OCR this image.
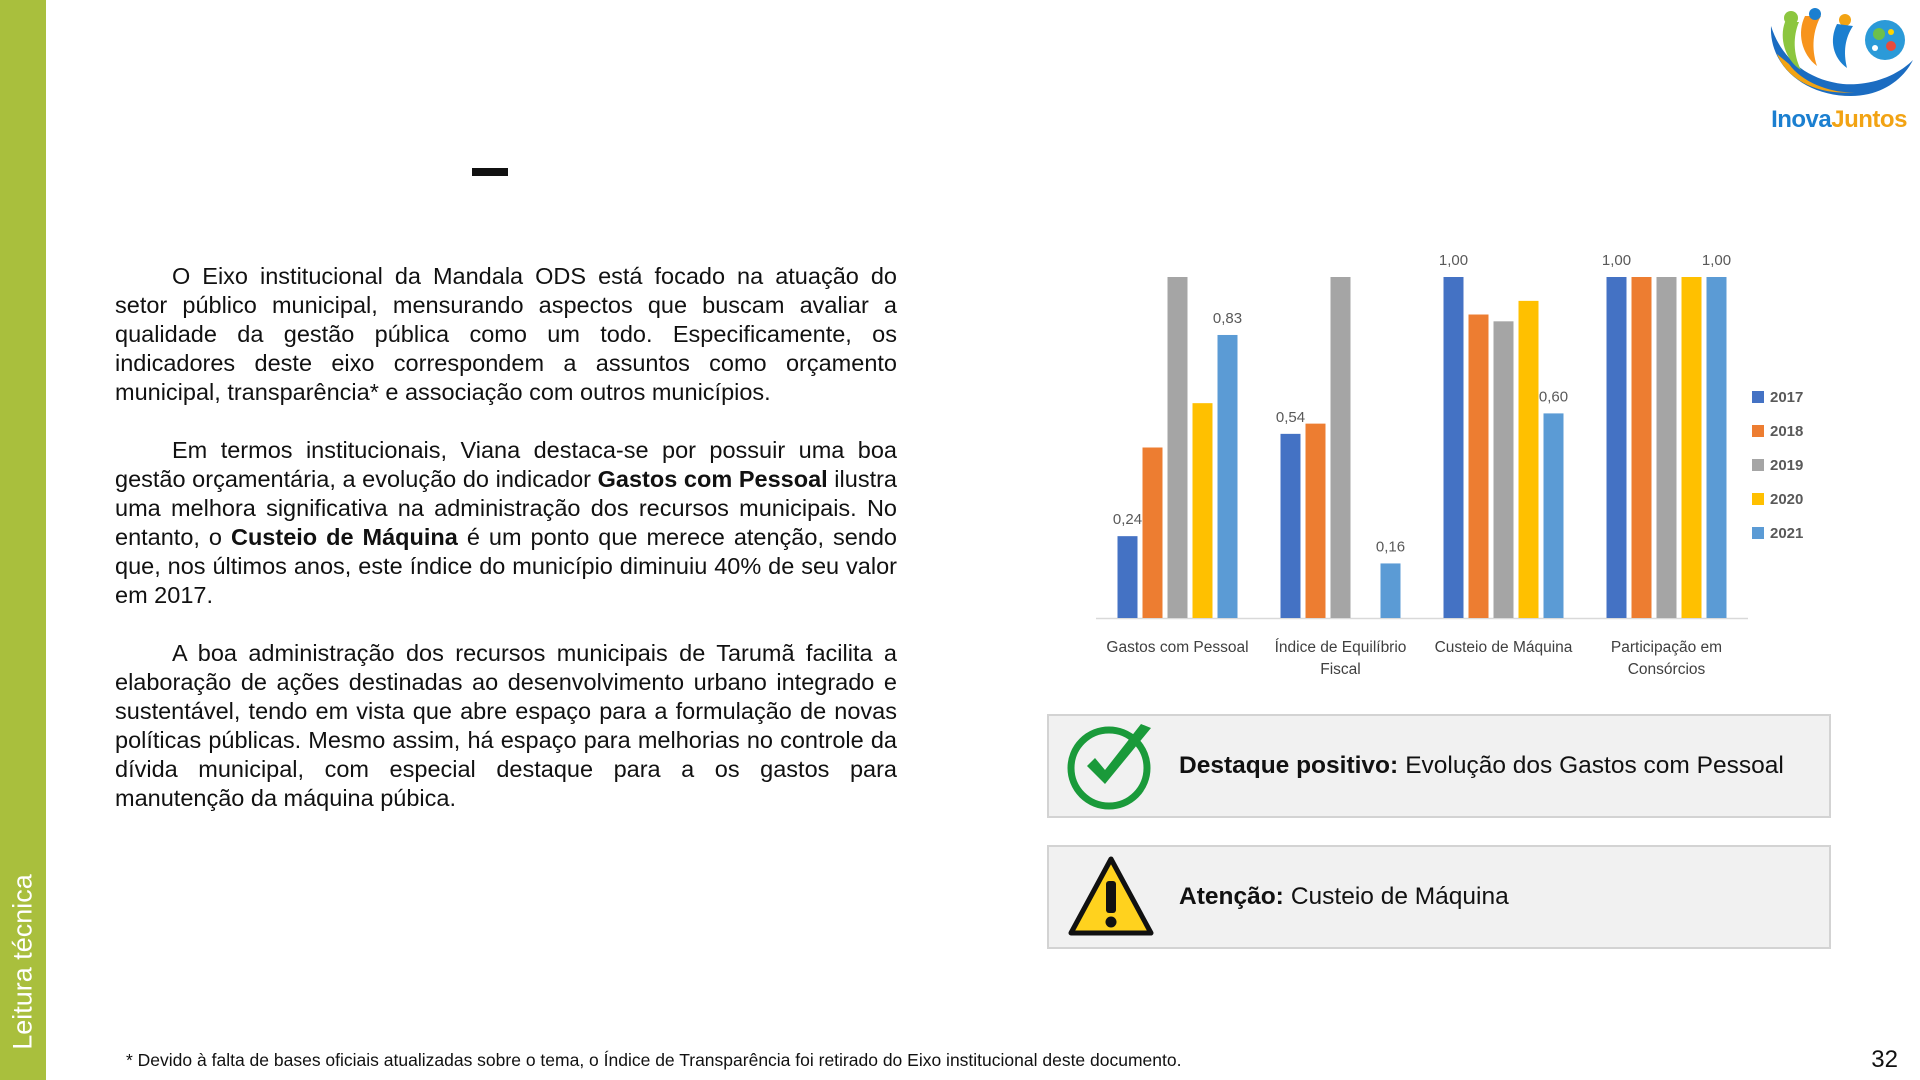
Leitura técnica
InovaJuntos

O Eixo institucional da Mandala ODS está focado na atuação do setor público municipal, mensurando aspectos que buscam avaliar a qualidade da gestão pública como um todo. Especificamente, os indicadores deste eixo correspondem a assuntos como orçamento municipal, transparência* e associação com outros municípios.

Em termos institucionais, Viana destaca-se por possuir uma boa gestão orçamentária, a evolução do indicador Gastos com Pessoal ilustra uma melhora significativa na administração dos recursos municipais. No entanto, o Custeio de Máquina é um ponto que merece atenção, sendo que, nos últimos anos, este índice do município diminuiu 40% de seu valor em 2017.

A boa administração dos recursos municipais de Tarumã facilita a elaboração de ações destinadas ao desenvolvimento urbano integrado e sustentável, tendo em vista que abre espaço para a formulação de novas políticas públicas. Mesmo assim, há espaço para melhorias no controle da dívida municipal, com especial destaque para a os gastos para manutenção da máquina púbica.

0,24
0,83
Gastos com Pessoal
0,54
0,16
Índice de Equilíbrio
Fiscal
1,00
0,60
Custeio de Máquina
1,00	1,00
Participação em
Consórcios
2017
2018
2019
2020
2021
Destaque positivo: Evolução dos Gastos com Pessoal
Atenção: Custeio de Máquina
* Devido à falta de bases oficiais atualizadas sobre o tema, o Índice de Transparência foi retirado do Eixo institucional deste documento.	32
